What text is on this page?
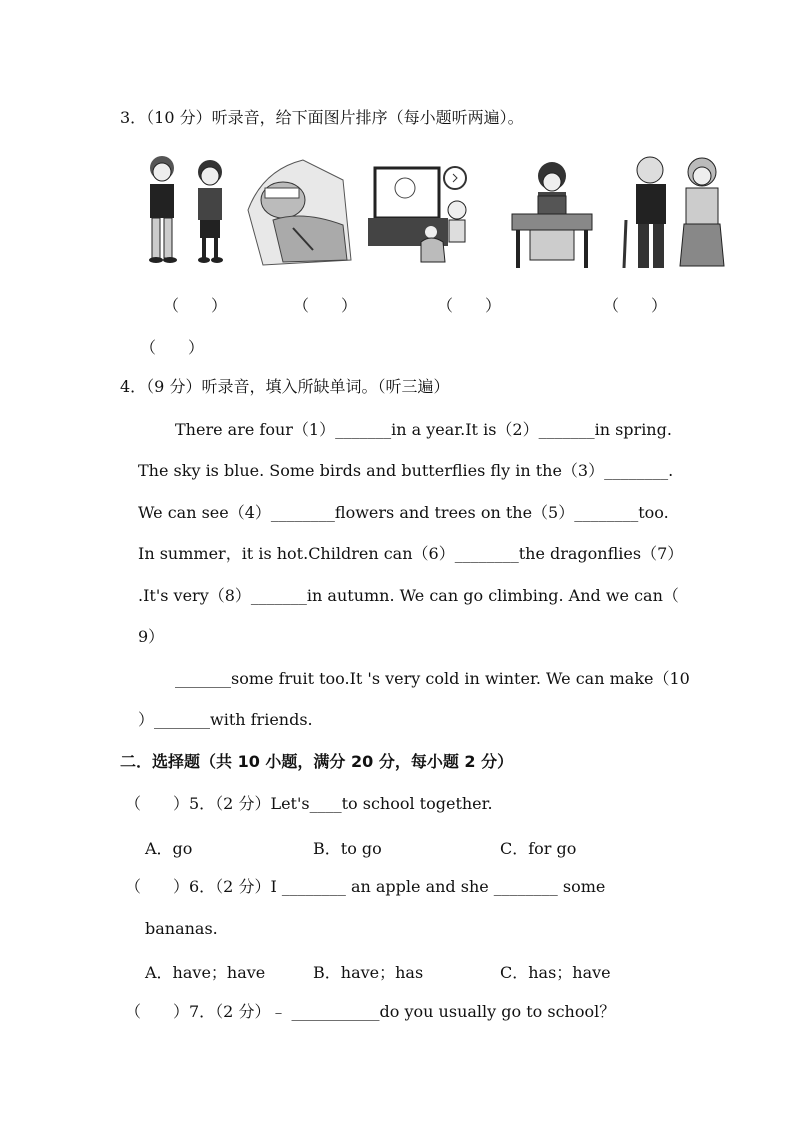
3．（10 分）听录音，给下面图片排序（每小题听两遍）。
（　　）	（　　）	（　　）	（　　）
（　　）
4．（9 分）听录音，填入所缺单词。（听三遍）
There are four（1）_______in a year.It is（2）_______in spring.
The sky is blue. Some birds and butterflies fly in the（3）________.
We can see（4）________flowers and trees on the（5）________too.
In summer，it is hot.Children can（6）________the dragonflies（7）
.It's very（8）_______in autumn. We can go climbing. And we can（
9）
_______some fruit too.It 's very cold in winter. We can make（10
）_______with friends.
二．选择题（共 10 小题，满分 20 分，每小题 2 分）
（　　）5．（2 分）Let's____to school together.
A．go	B．to go	C．for go
（　　）6．（2 分）I ________ an apple and she ________ some
bananas.
A．have；have	B．have；has	C．has；have
（　　）7．（2 分）﹣ ___________do you usually go to school？
